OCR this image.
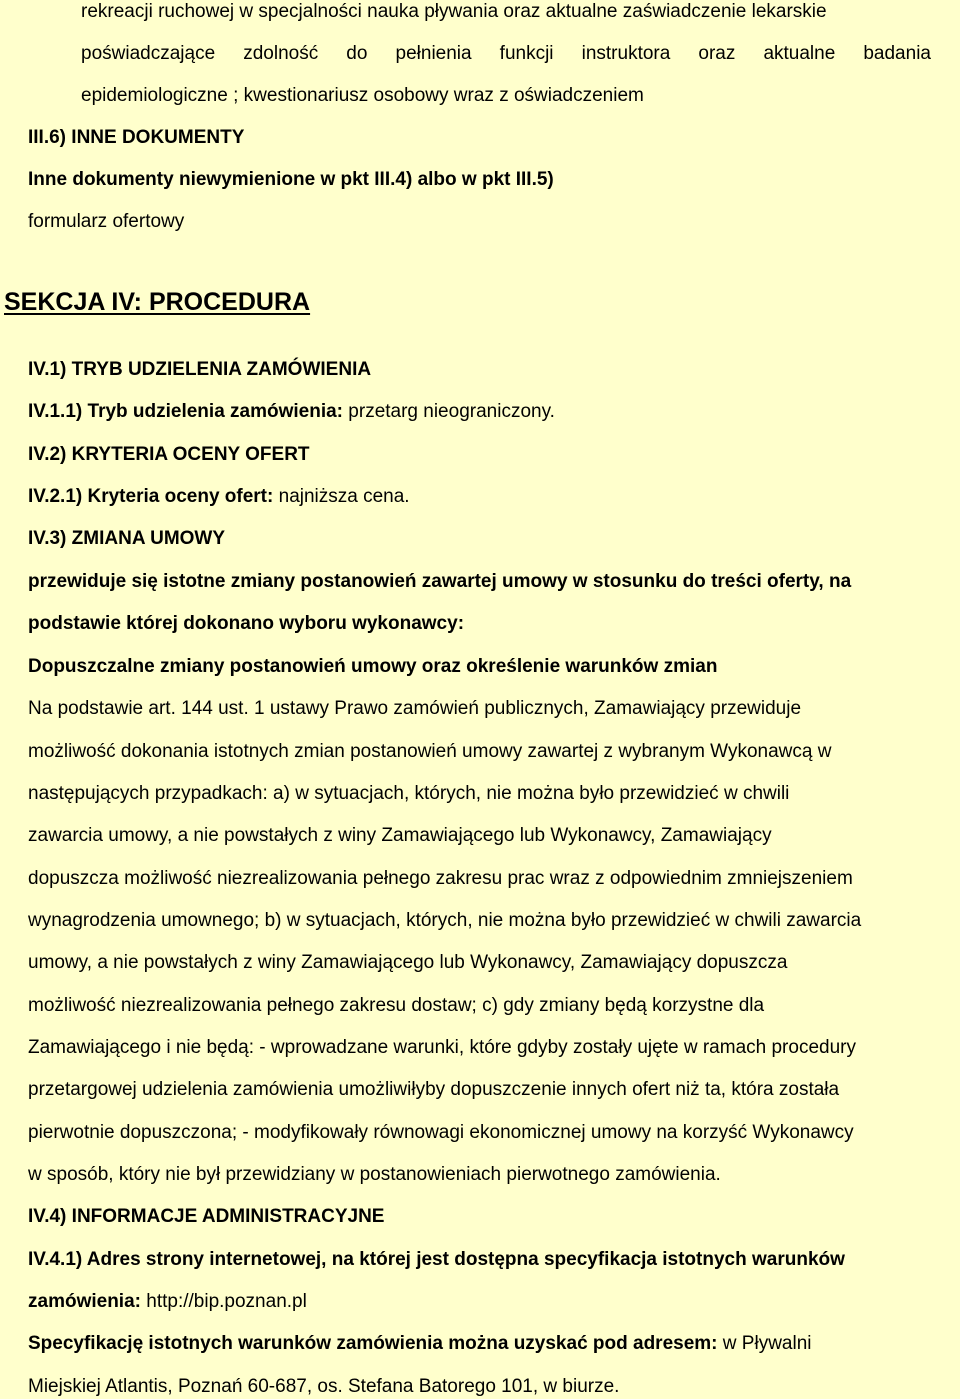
rekreacji ruchowej w specjalności nauka pływania oraz aktualne zaświadczenie lekarskie
poświadczające zdolność do pełnienia funkcji instruktora oraz aktualne badania
epidemiologiczne ; kwestionariusz osobowy wraz z oświadczeniem
III.6) INNE DOKUMENTY
Inne dokumenty niewymienione w pkt III.4) albo w pkt III.5)
formularz ofertowy
SEKCJA IV: PROCEDURA
IV.1) TRYB UDZIELENIA ZAMÓWIENIA
IV.1.1) Tryb udzielenia zamówienia: przetarg nieograniczony.
IV.2) KRYTERIA OCENY OFERT
IV.2.1) Kryteria oceny ofert: najniższa cena.
IV.3) ZMIANA UMOWY
przewiduje się istotne zmiany postanowień zawartej umowy w stosunku do treści oferty, na
podstawie której dokonano wyboru wykonawcy:
Dopuszczalne zmiany postanowień umowy oraz określenie warunków zmian
Na podstawie art. 144 ust. 1 ustawy Prawo zamówień publicznych, Zamawiający przewiduje
możliwość dokonania istotnych zmian postanowień umowy zawartej z wybranym Wykonawcą w
następujących przypadkach: a) w sytuacjach, których, nie można było przewidzieć w chwili
zawarcia umowy, a nie powstałych z winy Zamawiającego lub Wykonawcy, Zamawiający
dopuszcza możliwość niezrealizowania pełnego zakresu prac wraz z odpowiednim zmniejszeniem
wynagrodzenia umownego; b) w sytuacjach, których, nie można było przewidzieć w chwili zawarcia
umowy, a nie powstałych z winy Zamawiającego lub Wykonawcy, Zamawiający dopuszcza
możliwość niezrealizowania pełnego zakresu dostaw; c) gdy zmiany będą korzystne dla
Zamawiającego i nie będą: - wprowadzane warunki, które gdyby zostały ujęte w ramach procedury
przetargowej udzielenia zamówienia umożliwiłyby dopuszczenie innych ofert niż ta, która została
pierwotnie dopuszczona; - modyfikowały równowagi ekonomicznej umowy na korzyść Wykonawcy
w sposób, który nie był przewidziany w postanowieniach pierwotnego zamówienia.
IV.4) INFORMACJE ADMINISTRACYJNE
IV.4.1) Adres strony internetowej, na której jest dostępna specyfikacja istotnych warunków
zamówienia: http://bip.poznan.pl
Specyfikację istotnych warunków zamówienia można uzyskać pod adresem: w Pływalni
Miejskiej Atlantis, Poznań 60-687, os. Stefana Batorego 101, w biurze.
